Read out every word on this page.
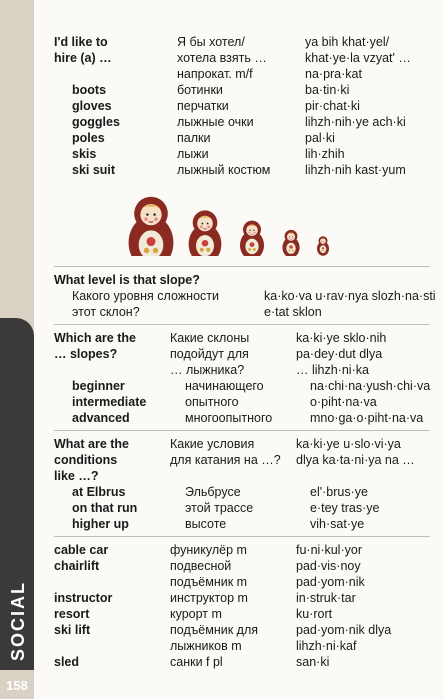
SOCIAL
158
I'd like to	Я бы хотел/	ya bih khat·yel/
hire (a) …	хотела взять …	khat·ye·la vzyat' …
напрокат. m/f	na·pra·kat
boots	ботинки	ba·tin·ki
gloves	перчатки	pir·chat·ki
goggles	лыжные очки	lihzh·nih·ye ach·ki
poles	палки	pal·ki
skis	лыжи	lih·zhih
ski suit	лыжный костюм	lihzh·nih kast·yum
What level is that slope?
Какого уровня сложности	ka·ko·va u·rav·nya slozh·na·sti
этот склон?	e·tat sklon
Which are the	Какие склоны	ka·ki·ye sklo·nih
… slopes?	подойдут для	pa·dey·dut dlya
… лыжника?	… lihzh·ni·ka
beginner	начинающего	na·chi·na·yush·chi·va
intermediate	опытного	o·piht·na·va
advanced	многоопытного	mno·ga·o·piht·na·va
What are the	Какие условия	ka·ki·ye u·slo·vi·ya
conditions	для катания на …? dlya ka·ta·ni·ya na …
like …?
at Elbrus	Эльбрусе	el'·brus·ye
on that run	этой трассе	e·tey tras·ye
higher up	высоте	vih·sat·ye
cable car	фуникулёр m	fu·ni·kul·yor
chairlift	подвесной	pad·vis·noy
подъёмник m	pad·yom·nik
instructor	инструктор m	in·struk·tar
resort	курорт m	ku·rort
ski lift	подъёмник для	pad·yom·nik dlya
лыжников m	lihzh·ni·kaf
sled	санки f pl	san·ki
